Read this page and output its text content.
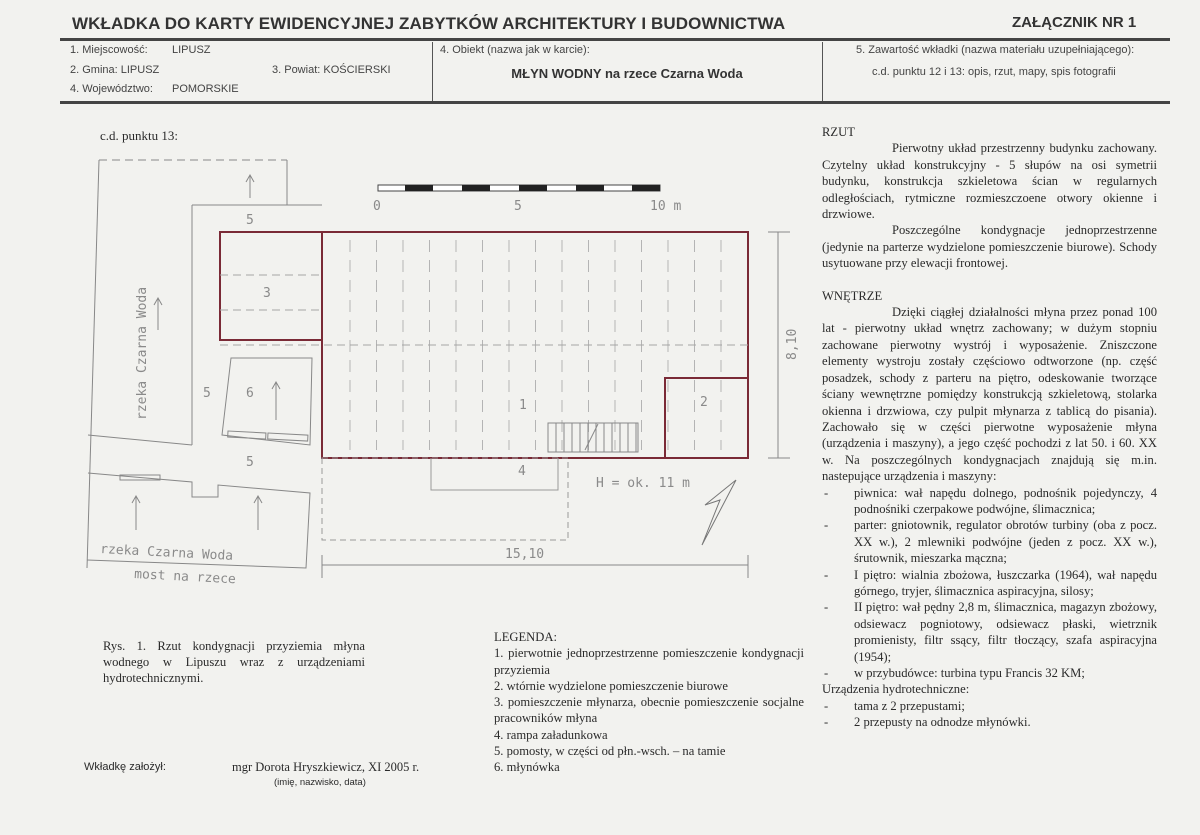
WKŁADKA DO KARTY EWIDENCYJNEJ ZABYTKÓW ARCHITEKTURY I BUDOWNICTWA	ZAŁĄCZNIK NR 1
1. Miejscowość: LIPUSZ
2. Gmina: LIPUSZ	3. Powiat: KOŚCIERSKI
4. Województwo: POMORSKIE
4. Obiekt (nazwa jak w karcie):
MŁYN WODNY na rzece Czarna Woda
5. Zawartość wkładki (nazwa materiału uzupełniającego):
c.d. punktu 12 i 13: opis, rzut, mapy, spis fotografii
c.d. punktu 13:
0	5	10 m
15,10
8,10
H = ok. 11 m
rzeka Czarna Woda
rzeka Czarna Woda
most na rzece
1	2
3
4
5
5
5
6

RZUT

Pierwotny układ przestrzenny budynku zachowany. Czytelny układ konstrukcyjny - 5 słupów na osi symetrii budynku, konstrukcja szkieletowa ścian w regularnych odległościach, rytmiczne rozmieszczoene otwory okienne i drzwiowe.

Poszczególne kondygnacje jednoprzestrzenne (jedynie na parterze wydzielone pomieszczenie biurowe). Schody usytuowane przy elewacji frontowej.

WNĘTRZE

Dzięki ciągłej działalności młyna przez ponad 100 lat - pierwotny układ wnętrz zachowany; w dużym stopniu zachowane pierwotny wystrój i wyposażenie. Zniszczone elementy wystroju zostały częściowo odtworzone (np. część posadzek, schody z parteru na piętro, odeskowanie tworzące ściany wewnętrzne pomiędzy konstrukcją szkieletową, stolarka okienna i drzwiowa, czy pulpit młynarza z tablicą do pisania). Zachowało się w części pierwotne wyposażenie młyna (urządzenia i maszyny), a jego część pochodzi z lat 50. i 60. XX w. Na poszczególnych kondygnacjach znajdują się m.in. nastepujące urządzenia i maszyny:

- piwnica: wał napędu dolnego, podnośnik pojedynczy, 4 podnośniki czerpakowe podwójne, ślimacznica;
- parter: gniotownik, regulator obrotów turbiny (oba z pocz. XX w.), 2 mlewniki podwójne (jeden z pocz. XX w.), śrutownik, mieszarka mączna;
- I piętro: wialnia zbożowa, łuszczarka (1964), wał napędu górnego, tryjer, ślimacznica aspiracyjna, silosy;
- II piętro: wał pędny 2,8 m, ślimacznica, magazyn zbożowy, odsiewacz pogniotowy, odsiewacz płaski, wietrznik promienisty, filtr ssący, filtr tłoczący, szafa aspiracyjna (1954);
- w przybudówce: turbina typu Francis 32 KM;

Urządzenia hydrotechniczne:

- tama z 2 przepustami;
- 2 przepusty na odnodze młynówki.
Rys. 1. Rzut kondygnacji przyziemia młyna wodnego w Lipuszu wraz z urządzeniami hydrotechnicznymi.
LEGENDA:
1. pierwotnie jednoprzestrzenne pomieszczenie kondygnacji przyziemia
2. wtórnie wydzielone pomieszczenie biurowe
3. pomieszczenie młynarza, obecnie pomieszczenie socjalne pracowników młyna
4. rampa załadunkowa
5. pomosty, w części od płn.-wsch. – na tamie
6. młynówka
Wkładkę założył:	mgr Dorota Hryszkiewicz, XI 2005 r.
(imię, nazwisko, data)
